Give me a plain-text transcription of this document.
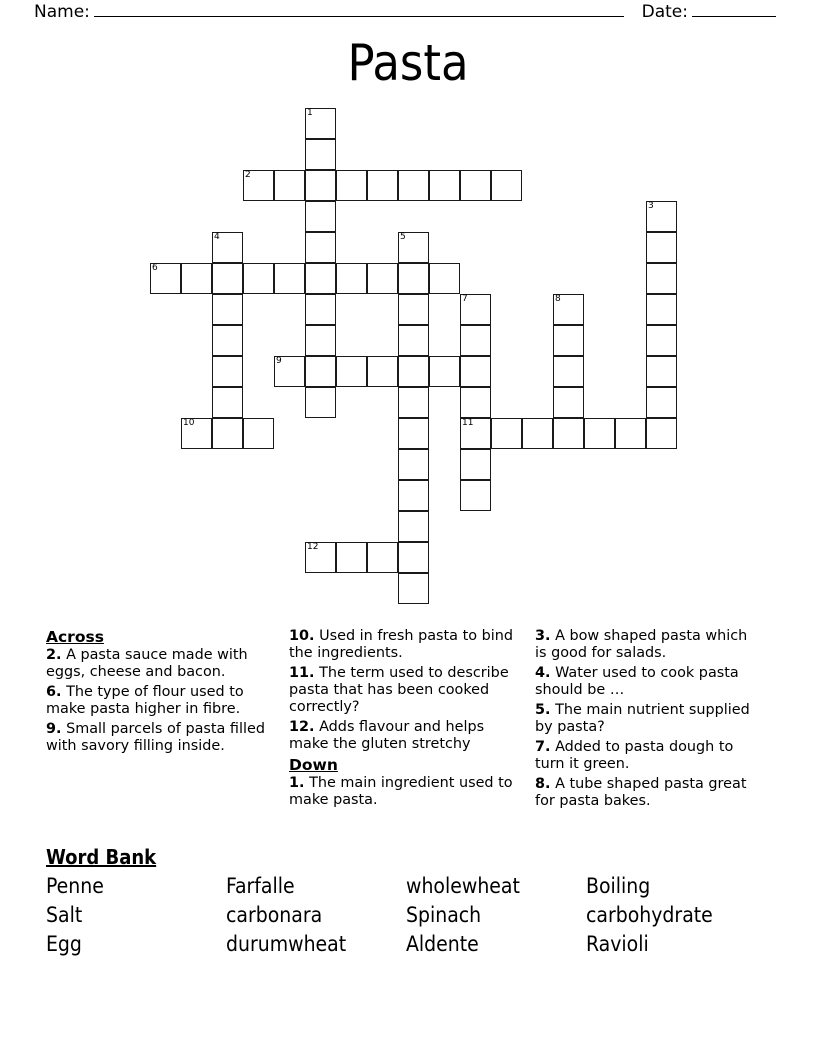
Name:	Date:
Pasta
1
2
3
4	5
6
7	8
9
10	11
12
Across
2. A pasta sauce made with eggs, cheese and bacon.
6. The type of flour used to make pasta higher in fibre.
9. Small parcels of pasta filled with savory filling inside.
10. Used in fresh pasta to bind the ingredients.
11. The term used to describe pasta that has been cooked correctly?
12. Adds flavour and helps make the gluten stretchy
Down
1. The main ingredient used to make pasta.
3. A bow shaped pasta which is good for salads.
4. Water used to cook pasta should be …
5. The main nutrient supplied by pasta?
7. Added to pasta dough to turn it green.
8. A tube shaped pasta great for pasta bakes.
Word Bank
Penne	Farfalle	wholewheat	Boiling
Salt	carbonara	Spinach	carbohydrate
Egg	durumwheat	Aldente	Ravioli
